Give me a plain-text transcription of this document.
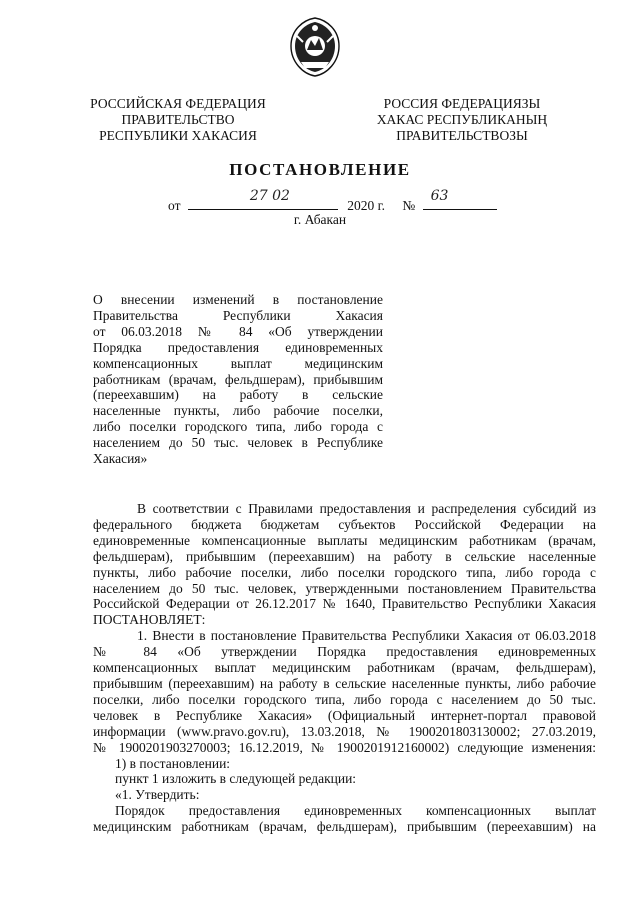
РОССИЙСКАЯ ФЕДЕРАЦИЯ
ПРАВИТЕЛЬСТВО
РЕСПУБЛИКИ ХАКАСИЯ
РОССИЯ ФЕДЕРАЦИЯЗЫ
ХАКАС РЕСПУБЛИКАНЫҢ
ПРАВИТЕЛЬСТВОЗЫ
ПОСТАНОВЛЕНИЕ
от
27 02
2020 г. №
63
г. Абакан
О внесении изменений в постановление
Правительства Республики Хакасия
от 06.03.2018 № 84 «Об утверждении
Порядка предоставления единовременных
компенсационных выплат медицинским
работникам (врачам, фельдшерам), прибывшим
(переехавшим) на работу в сельские
населенные пункты, либо рабочие поселки,
либо поселки городского типа, либо города с
населением до 50 тыс. человек в Республике
Хакасия»
В соответствии с Правилами предоставления и распределения субсидий из
федерального бюджета бюджетам субъектов Российской Федерации на
единовременные компенсационные выплаты медицинским работникам (врачам,
фельдшерам), прибывшим (переехавшим) на работу в сельские населенные
пункты, либо рабочие поселки, либо поселки городского типа, либо города с
населением до 50 тыс. человек, утвержденными постановлением Правительства
Российской Федерации от 26.12.2017 № 1640, Правительство Республики Хакасия
ПОСТАНОВЛЯЕТ:
1. Внести в постановление Правительства Республики Хакасия от 06.03.2018
№ 84 «Об утверждении Порядка предоставления единовременных
компенсационных выплат медицинским работникам (врачам, фельдшерам),
прибывшим (переехавшим) на работу в сельские населенные пункты, либо рабочие
поселки, либо поселки городского типа, либо города с населением до 50 тыс.
человек в Республике Хакасия» (Официальный интернет-портал правовой
информации (www.pravo.gov.ru), 13.03.2018, № 1900201803130002; 27.03.2019,
№ 1900201903270003; 16.12.2019, № 1900201912160002) следующие изменения:
1) в постановлении:
пункт 1 изложить в следующей редакции:
«1. Утвердить:
Порядок предоставления единовременных компенсационных выплат
медицинским работникам (врачам, фельдшерам), прибывшим (переехавшим) на
